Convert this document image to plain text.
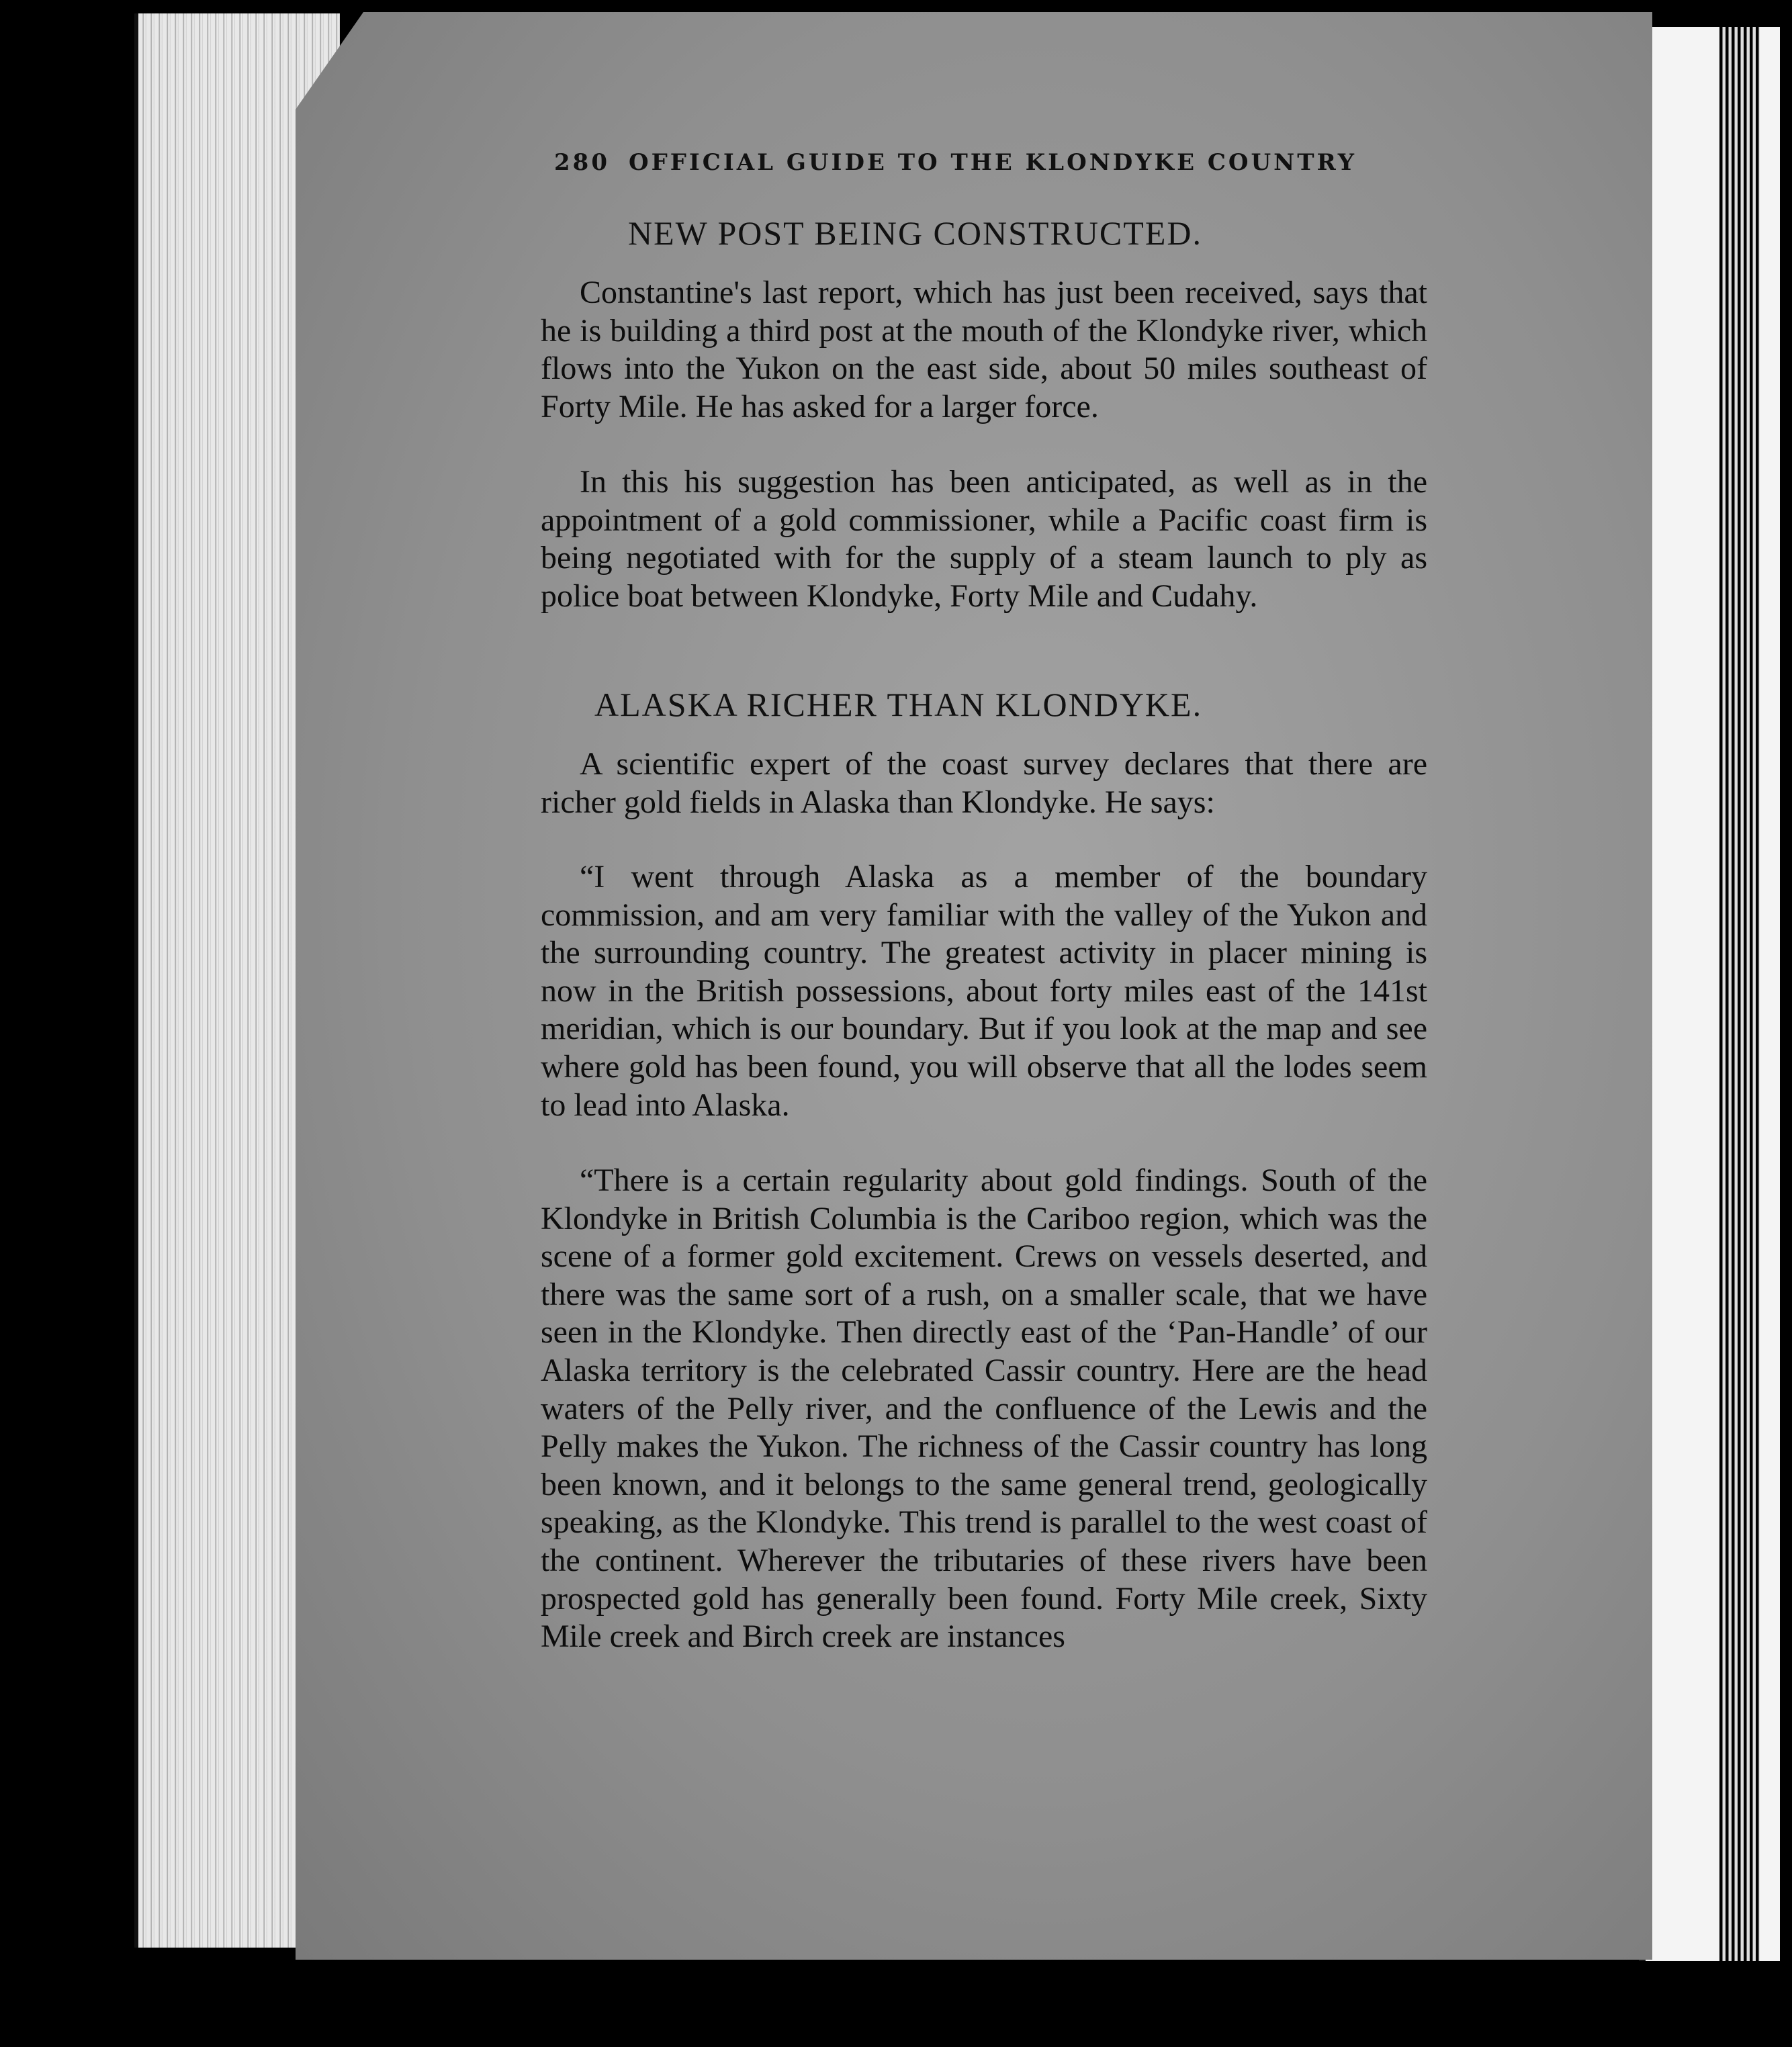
280 OFFICIAL GUIDE TO THE KLONDYKE COUNTRY
NEW POST BEING CONSTRUCTED.
Constantine's last report, which has just been received, says that he is building a third post at the mouth of the Klondyke river, which flows into the Yukon on the east side, about 50 miles southeast of Forty Mile. He has asked for a larger force.
In this his suggestion has been anticipated, as well as in the appointment of a gold commissioner, while a Pacific coast firm is being negotiated with for the supply of a steam launch to ply as police boat between Klondyke, Forty Mile and Cudahy.
ALASKA RICHER THAN KLONDYKE.
A scientific expert of the coast survey declares that there are richer gold fields in Alaska than Klondyke. He says:
“I went through Alaska as a member of the boundary commission, and am very familiar with the valley of the Yukon and the surrounding country. The greatest activity in placer mining is now in the British possessions, about forty miles east of the 141st meridian, which is our boundary. But if you look at the map and see where gold has been found, you will observe that all the lodes seem to lead into Alaska.
“There is a certain regularity about gold findings. South of the Klondyke in British Columbia is the Cariboo region, which was the scene of a former gold excitement. Crews on vessels deserted, and there was the same sort of a rush, on a smaller scale, that we have seen in the Klondyke. Then directly east of the ‘Pan-Handle’ of our Alaska territory is the celebrated Cassir country. Here are the head waters of the Pelly river, and the confluence of the Lewis and the Pelly makes the Yukon. The richness of the Cassir country has long been known, and it belongs to the same general trend, geologically speaking, as the Klondyke. This trend is parallel to the west coast of the continent. Wherever the tributaries of these rivers have been prospected gold has generally been found. Forty Mile creek, Sixty Mile creek and Birch creek are instances
